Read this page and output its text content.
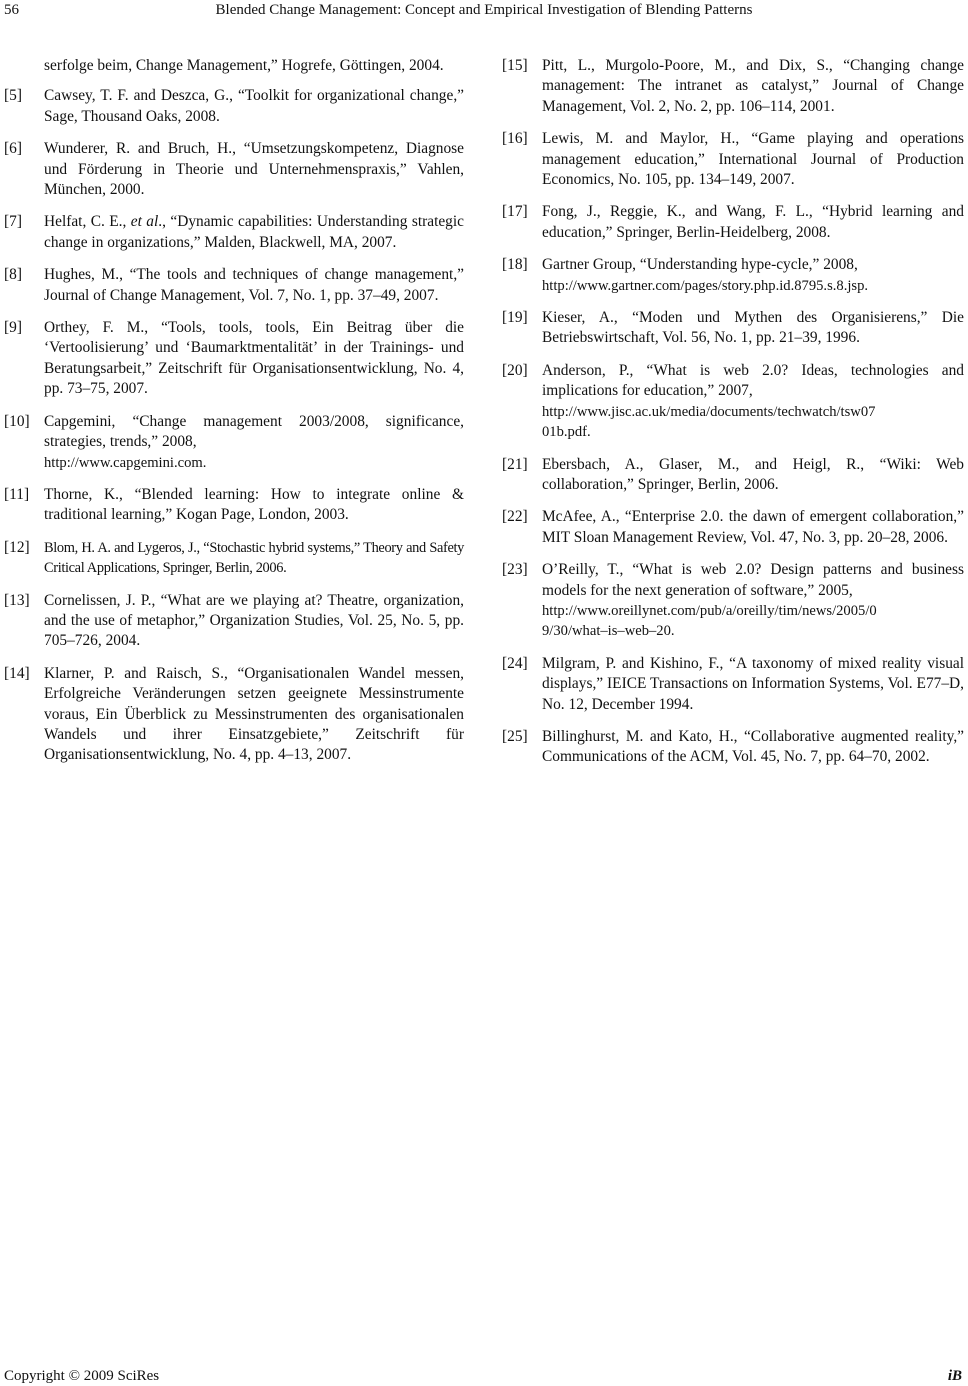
56	Blended Change Management: Concept and Empirical Investigation of Blending Patterns
serfolge beim, Change Management,” Hogrefe, Göttingen, 2004.
[5] Cawsey, T. F. and Deszca, G., “Toolkit for organizational change,” Sage, Thousand Oaks, 2008.
[6] Wunderer, R. and Bruch, H., “Umsetzungskompetenz, Diagnose und Förderung in Theorie und Unternehmenspraxis,” Vahlen, München, 2000.
[7] Helfat, C. E., et al., “Dynamic capabilities: Understanding strategic change in organizations,” Malden, Blackwell, MA, 2007.
[8] Hughes, M., “The tools and techniques of change management,” Journal of Change Management, Vol. 7, No. 1, pp. 37–49, 2007.
[9] Orthey, F. M., “Tools, tools, tools, Ein Beitrag über die ‘Vertoolisierung’ und ‘Baumarktmentalität’ in der Trainings- und Beratungsarbeit,” Zeitschrift für Organisationsentwicklung, No. 4, pp. 73–75, 2007.
[10] Capgemini, “Change management 2003/2008, significance, strategies, trends,” 2008,
http://www.capgemini.com.
[11] Thorne, K., “Blended learning: How to integrate online & traditional learning,” Kogan Page, London, 2003.
[12] Blom, H. A. and Lygeros, J., “Stochastic hybrid systems,” Theory and Safety Critical Applications, Springer, Berlin, 2006.
[13] Cornelissen, J. P., “What are we playing at? Theatre, organization, and the use of metaphor,” Organization Studies, Vol. 25, No. 5, pp. 705–726, 2004.
[14] Klarner, P. and Raisch, S., “Organisationalen Wandel messen, Erfolgreiche Veränderungen setzen geeignete Messinstrumente voraus, Ein Überblick zu Messinstrumenten des organisationalen Wandels und ihrer Einsatzgebiete,” Zeitschrift für Organisationsentwicklung, No. 4, pp. 4–13, 2007.
[15] Pitt, L., Murgolo-Poore, M., and Dix, S., “Changing change management: The intranet as catalyst,” Journal of Change Management, Vol. 2, No. 2, pp. 106–114, 2001.
[16] Lewis, M. and Maylor, H., “Game playing and operations management education,” International Journal of Production Economics, No. 105, pp. 134–149, 2007.
[17] Fong, J., Reggie, K., and Wang, F. L., “Hybrid learning and education,” Springer, Berlin-Heidelberg, 2008.
[18] Gartner Group, “Understanding hype-cycle,” 2008,
http://www.gartner.com/pages/story.php.id.8795.s.8.jsp.
[19] Kieser, A., “Moden und Mythen des Organisierens,” Die Betriebswirtschaft, Vol. 56, No. 1, pp. 21–39, 1996.
[20] Anderson, P., “What is web 2.0? Ideas, technologies and implications for education,” 2007,
http://www.jisc.ac.uk/media/documents/techwatch/tsw07
01b.pdf.
[21] Ebersbach, A., Glaser, M., and Heigl, R., “Wiki: Web collaboration,” Springer, Berlin, 2006.
[22] McAfee, A., “Enterprise 2.0. the dawn of emergent collaboration,” MIT Sloan Management Review, Vol. 47, No. 3, pp. 20–28, 2006.
[23] O’Reilly, T., “What is web 2.0? Design patterns and business models for the next generation of software,” 2005,
http://www.oreillynet.com/pub/a/oreilly/tim/news/2005/0
9/30/what–is–web–20.
[24] Milgram, P. and Kishino, F., “A taxonomy of mixed reality visual displays,” IEICE Transactions on Information Systems, Vol. E77–D, No. 12, December 1994.
[25] Billinghurst, M. and Kato, H., “Collaborative augmented reality,” Communications of the ACM, Vol. 45, No. 7, pp. 64–70, 2002.
Copyright © 2009 SciRes	iB
